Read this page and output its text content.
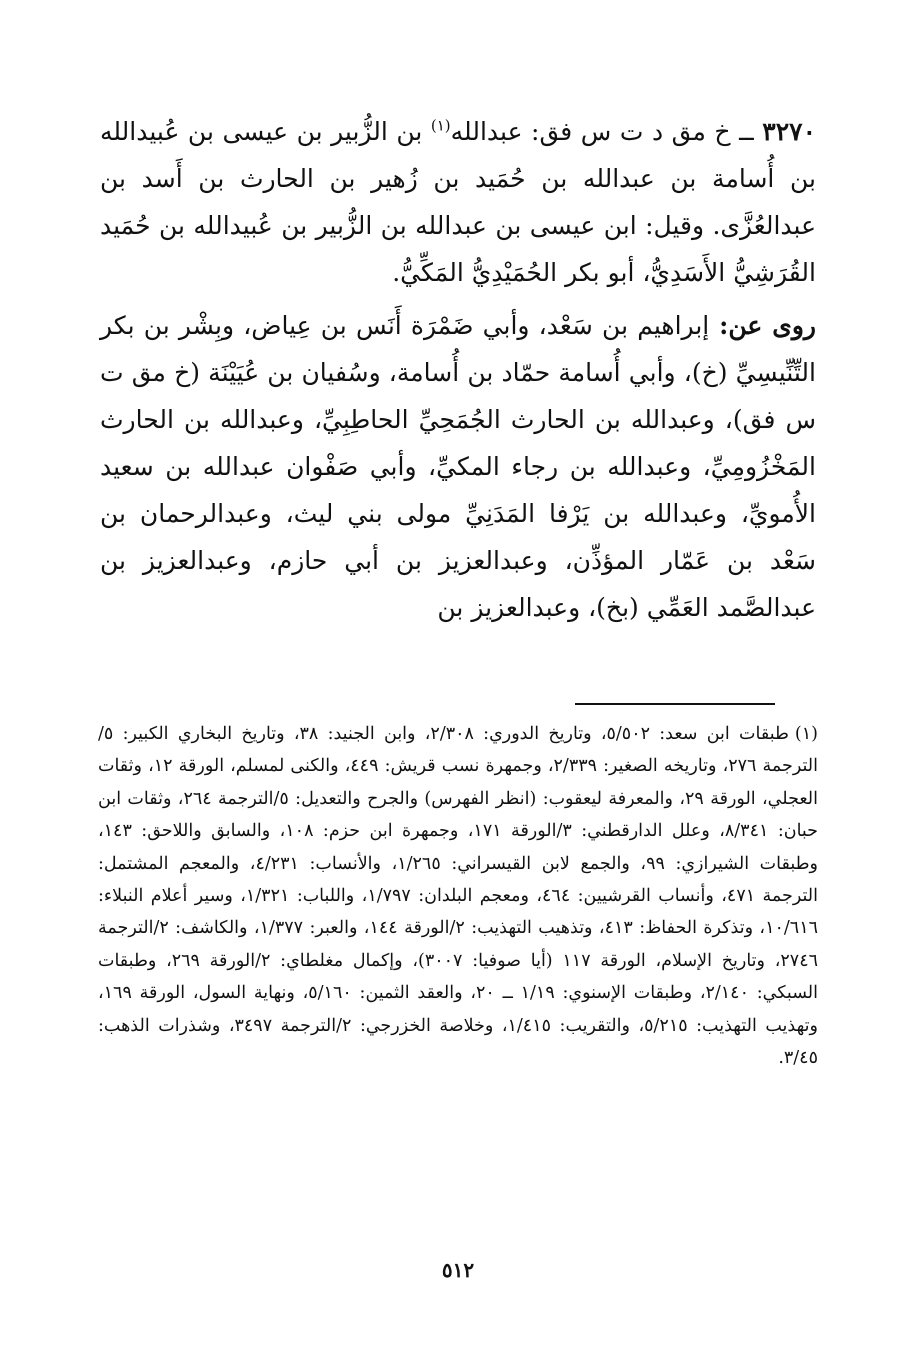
٣٢٧٠ ــ خ مق د ت س فق: عبدالله$^{(١)}$ بن الزُّبير بن عيسى بن عُبيدالله بن أُسامة بن عبدالله بن حُمَيد بن زُهير بن الحارث بن أَسد بن عبدالعُزَّى. وقيل: ابن عيسى بن عبدالله بن الزُّبير بن عُبيدالله بن حُمَيد القُرَشِيُّ الأَسَدِيُّ، أبو بكر الحُمَيْدِيُّ المَكِّيُّ.

روى عن: إبراهيم بن سَعْد، وأبي ضَمْرَة أَنَس بن عِياض، وبِشْر بن بكر التِّنِّيسِيِّ (خ)، وأبي أُسامة حمّاد بن أُسامة، وسُفيان بن عُيَيْنَة (خ مق ت س فق)، وعبدالله بن الحارث الجُمَحِيِّ الحاطِبِيِّ، وعبدالله بن الحارث المَخْزُومِيِّ، وعبدالله بن رجاء المكيِّ، وأبي صَفْوان عبدالله بن سعيد الأُمويِّ، وعبدالله بن يَرْفا المَدَنِيِّ مولى بني ليث، وعبدالرحمان بن سَعْد بن عَمّار المؤذِّن، وعبدالعزيز بن أبي حازم، وعبدالعزيز بن عبدالصَّمد العَمِّي (بخ)، وعبدالعزيز بن

(١)طبقات ابن سعد: ٥/٥٠٢، وتاريخ الدوري: ٢/٣٠٨، وابن الجنيد: ٣٨، وتاريخ البخاري الكبير: ٥/الترجمة ٢٧٦، وتاريخه الصغير: ٢/٣٣٩، وجمهرة نسب قريش: ٤٤٩، والكنى لمسلم، الورقة ١٢، وثقات العجلي، الورقة ٢٩، والمعرفة ليعقوب: (انظر الفهرس) والجرح والتعديل: ٥/الترجمة ٢٦٤، وثقات ابن حبان: ٨/٣٤١، وعلل الدارقطني: ٣/الورقة ١٧١، وجمهرة ابن حزم: ١٠٨، والسابق واللاحق: ١٤٣، وطبقات الشيرازي: ٩٩، والجمع لابن القيسراني: ١/٢٦٥، والأنساب: ٤/٢٣١، والمعجم المشتمل: الترجمة ٤٧١، وأنساب القرشيين: ٤٦٤، ومعجم البلدان: ١/٧٩٧، واللباب: ١/٣٢١، وسير أعلام النبلاء: ١٠/٦١٦، وتذكرة الحفاظ: ٤١٣، وتذهيب التهذيب: ٢/الورقة ١٤٤، والعبر: ١/٣٧٧، والكاشف: ٢/الترجمة ٢٧٤٦، وتاريخ الإسلام، الورقة ١١٧ (أيا صوفيا: ٣٠٠٧)، وإكمال مغلطاي: ٢/الورقة ٢٦٩، وطبقات السبكي: ٢/١٤٠، وطبقات الإسنوي: ١/١٩ ــ ٢٠، والعقد الثمين: ٥/١٦٠، ونهاية السول، الورقة ١٦٩، وتهذيب التهذيب: ٥/٢١٥، والتقريب: ١/٤١٥، وخلاصة الخزرجي: ٢/الترجمة ٣٤٩٧، وشذرات الذهب: ٣/٤٥.

٥١٢
